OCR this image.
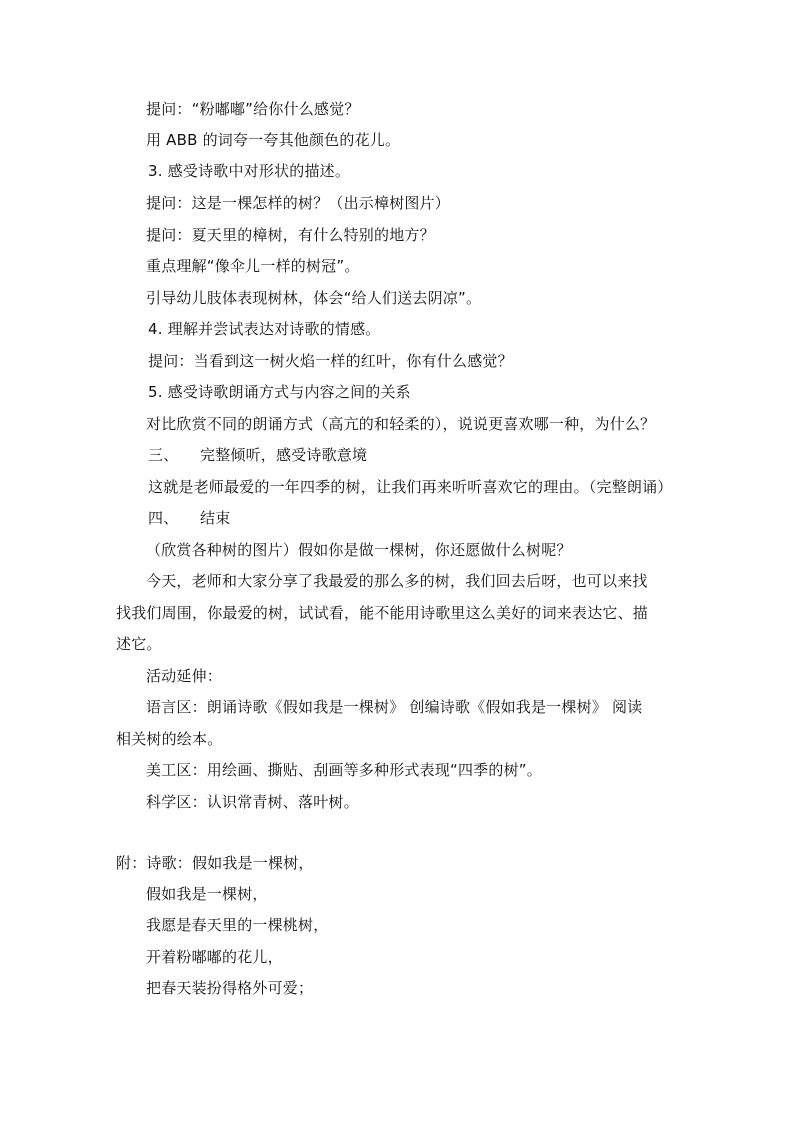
提问：“粉嘟嘟”给你什么感觉？
用 ABB 的词夸一夸其他颜色的花儿。
3. 感受诗歌中对形状的描述。
提问：这是一棵怎样的树？（出示樟树图片）
提问：夏天里的樟树，有什么特别的地方？
重点理解“像伞儿一样的树冠”。
引导幼儿肢体表现树林，体会“给人们送去阴凉”。
4. 理解并尝试表达对诗歌的情感。
提问：当看到这一树火焰一样的红叶，你有什么感觉？
5. 感受诗歌朗诵方式与内容之间的关系
对比欣赏不同的朗诵方式（高亢的和轻柔的），说说更喜欢哪一种，为什么？
三、 完整倾听，感受诗歌意境
这就是老师最爱的一年四季的树，让我们再来听听喜欢它的理由。（完整朗诵）
四、 结束
（欣赏各种树的图片）假如你是做一棵树，你还愿做什么树呢？
今天，老师和大家分享了我最爱的那么多的树，我们回去后呀，也可以来找
找我们周围，你最爱的树，试试看，能不能用诗歌里这么美好的词来表达它、描
述它。
活动延伸：
语言区：朗诵诗歌《假如我是一棵树》 创编诗歌《假如我是一棵树》 阅读
相关树的绘本。
美工区：用绘画、撕贴、刮画等多种形式表现“四季的树”。
科学区：认识常青树、落叶树。
附：诗歌：假如我是一棵树，
假如我是一棵树，
我愿是春天里的一棵桃树，
开着粉嘟嘟的花儿，
把春天装扮得格外可爱；
